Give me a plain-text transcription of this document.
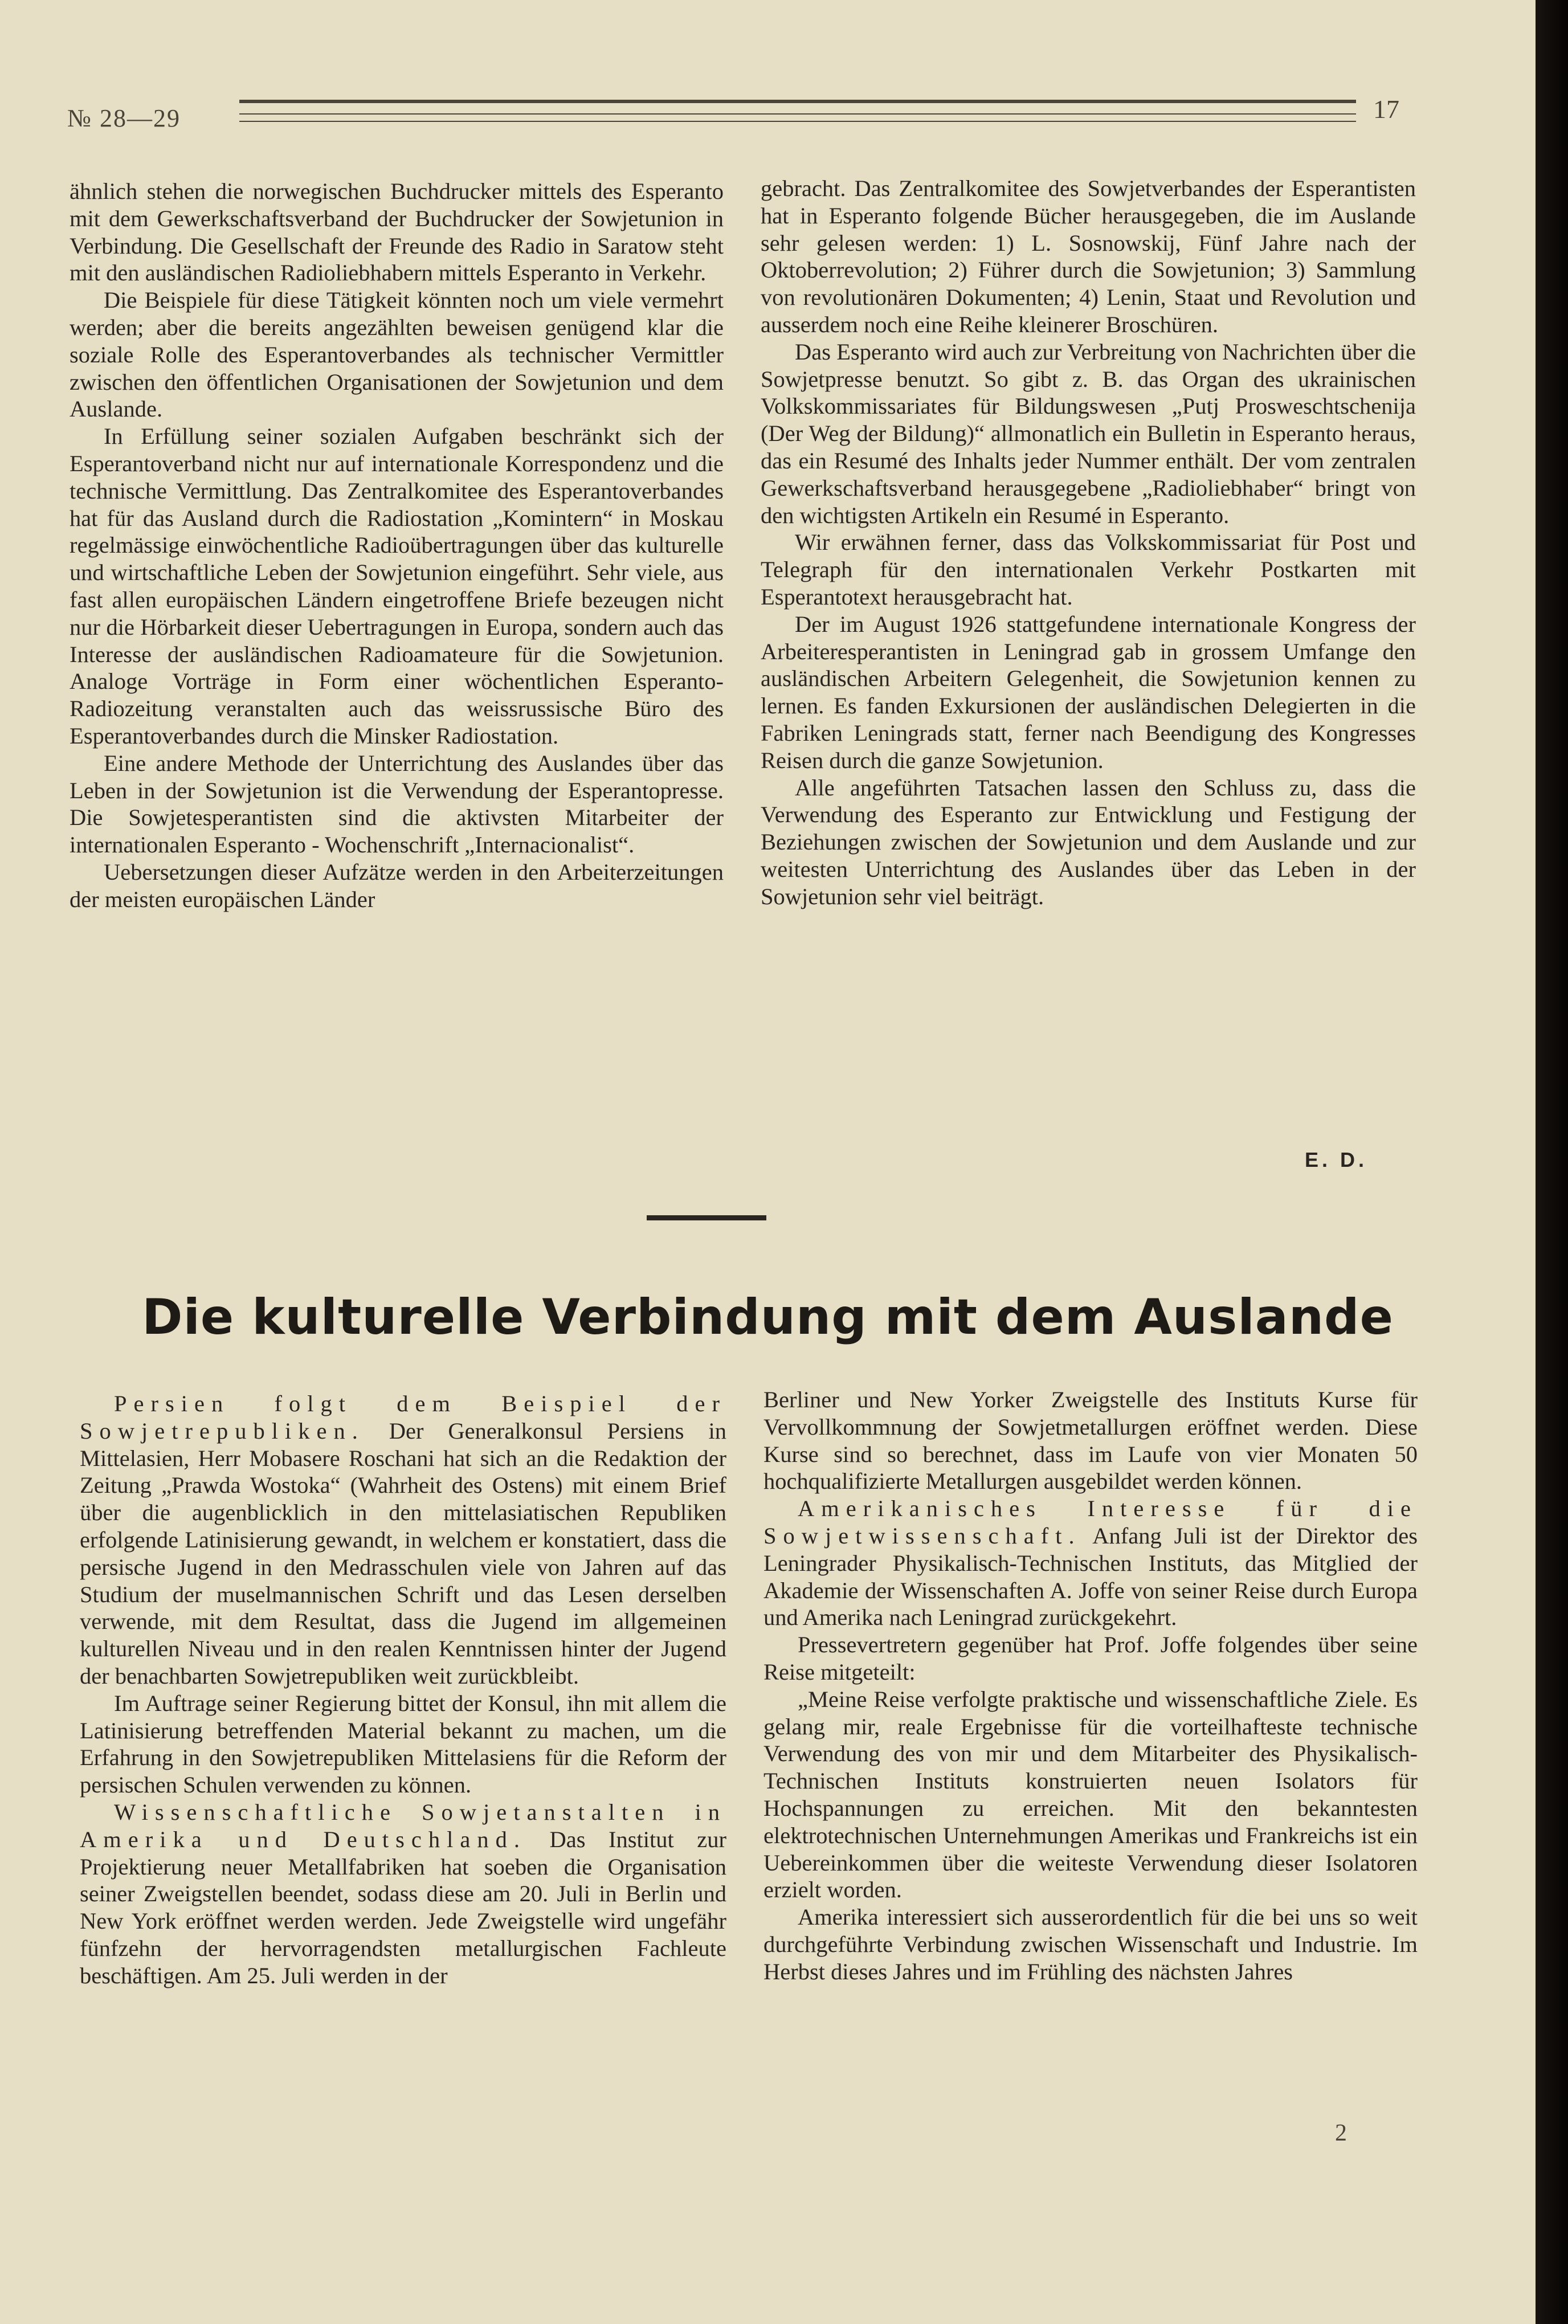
№ 28—29	17

ähnlich stehen die norwegischen Buchdrucker mittels des Esperanto mit dem Gewerkschaftsverband der Buchdrucker der Sowjetunion in Verbindung. Die Gesellschaft der Freunde des Radio in Saratow steht mit den ausländischen Radioliebhabern mittels Esperanto in Verkehr.

Die Beispiele für diese Tätigkeit könnten noch um viele vermehrt werden; aber die bereits angezählten beweisen genügend klar die soziale Rolle des Esperantoverbandes als technischer Vermittler zwischen den öffentlichen Organisationen der Sowjetunion und dem Auslande.

In Erfüllung seiner sozialen Aufgaben beschränkt sich der Esperantoverband nicht nur auf internationale Korrespondenz und die technische Vermittlung. Das Zentralkomitee des Esperantoverbandes hat für das Ausland durch die Radiostation „Komintern“ in Moskau regelmässige einwöchentliche Radioübertragungen über das kulturelle und wirtschaftliche Leben der Sowjetunion eingeführt. Sehr viele, aus fast allen europäischen Ländern eingetroffene Briefe bezeugen nicht nur die Hörbarkeit dieser Uebertragungen in Europa, sondern auch das Interesse der ausländischen Radioamateure für die Sowjetunion. Analoge Vorträge in Form einer wöchentlichen Esperanto-Radiozeitung veranstalten auch das weissrussische Büro des Esperantoverbandes durch die Minsker Radiostation.

Eine andere Methode der Unterrichtung des Auslandes über das Leben in der Sowjetunion ist die Verwendung der Esperantopresse. Die Sowjetesperantisten sind die aktivsten Mitarbeiter der internationalen Esperanto - Wochenschrift „Internacionalist“.

Uebersetzungen dieser Aufzätze werden in den Arbeiterzeitungen der meisten europäischen Länder

gebracht. Das Zentralkomitee des Sowjetverbandes der Esperantisten hat in Esperanto folgende Bücher herausgegeben, die im Auslande sehr gelesen werden: 1) L. Sosnowskij, Fünf Jahre nach der Oktoberrevolution; 2) Führer durch die Sowjetunion; 3) Sammlung von revolutionären Dokumenten; 4) Lenin, Staat und Revolution und ausserdem noch eine Reihe kleinerer Broschüren.

Das Esperanto wird auch zur Verbreitung von Nachrichten über die Sowjetpresse benutzt. So gibt z. B. das Organ des ukrainischen Volkskommissariates für Bildungswesen „Putj Prosweschtschenija (Der Weg der Bildung)“ allmonatlich ein Bulletin in Esperanto heraus, das ein Resumé des Inhalts jeder Nummer enthält. Der vom zentralen Gewerkschaftsverband herausgegebene „Radioliebhaber“ bringt von den wichtigsten Artikeln ein Resumé in Esperanto.

Wir erwähnen ferner, dass das Volkskommissariat für Post und Telegraph für den internationalen Verkehr Postkarten mit Esperantotext herausgebracht hat.

Der im August 1926 stattgefundene internationale Kongress der Arbeiteresperantisten in Leningrad gab in grossem Umfange den ausländischen Arbeitern Gelegenheit, die Sowjetunion kennen zu lernen. Es fanden Exkursionen der ausländischen Delegierten in die Fabriken Leningrads statt, ferner nach Beendigung des Kongresses Reisen durch die ganze Sowjetunion.

Alle angeführten Tatsachen lassen den Schluss zu, dass die Verwendung des Esperanto zur Entwicklung und Festigung der Beziehungen zwischen der Sowjetunion und dem Auslande und zur weitesten Unterrichtung des Auslandes über das Leben in der Sowjetunion sehr viel beiträgt.

E. D.
Die kulturelle Verbindung mit dem Auslande

Persien folgt dem Beispiel der Sowjetrepubliken. Der Generalkonsul Persiens in Mittelasien, Herr Mobasere Roschani hat sich an die Redaktion der Zeitung „Prawda Wostoka“ (Wahrheit des Ostens) mit einem Brief über die augenblicklich in den mittelasiatischen Republiken erfolgende Latinisierung gewandt, in welchem er konstatiert, dass die persische Jugend in den Medrasschulen viele von Jahren auf das Studium der muselmannischen Schrift und das Lesen derselben verwende, mit dem Resultat, dass die Jugend im allgemeinen kulturellen Niveau und in den realen Kenntnissen hinter der Jugend der benachbarten Sowjetrepubliken weit zurückbleibt.

Im Auftrage seiner Regierung bittet der Konsul, ihn mit allem die Latinisierung betreffenden Material bekannt zu machen, um die Erfahrung in den Sowjetrepubliken Mittelasiens für die Reform der persischen Schulen verwenden zu können.

Wissenschaftliche Sowjetanstalten in Amerika und Deutschland. Das Institut zur Projektierung neuer Metallfabriken hat soeben die Organisation seiner Zweigstellen beendet, sodass diese am 20. Juli in Berlin und New York eröffnet werden werden. Jede Zweigstelle wird ungefähr fünfzehn der hervorragendsten metallurgischen Fachleute beschäftigen. Am 25. Juli werden in der

Berliner und New Yorker Zweigstelle des Instituts Kurse für Vervollkommnung der Sowjetmetallurgen eröffnet werden. Diese Kurse sind so berechnet, dass im Laufe von vier Monaten 50 hochqualifizierte Metallurgen ausgebildet werden können.

Amerikanisches Interesse für die Sowjetwissenschaft. Anfang Juli ist der Direktor des Leningrader Physikalisch-Technischen Instituts, das Mitglied der Akademie der Wissenschaften A. Joffe von seiner Reise durch Europa und Amerika nach Leningrad zurückgekehrt.

Pressevertretern gegenüber hat Prof. Joffe folgendes über seine Reise mitgeteilt:

„Meine Reise verfolgte praktische und wissenschaftliche Ziele. Es gelang mir, reale Ergebnisse für die vorteilhafteste technische Verwendung des von mir und dem Mitarbeiter des Physikalisch-Technischen Instituts konstruierten neuen Isolators für Hochspannungen zu erreichen. Mit den bekanntesten elektrotechnischen Unternehmungen Amerikas und Frankreichs ist ein Uebereinkommen über die weiteste Verwendung dieser Isolatoren erzielt worden.

Amerika interessiert sich ausserordentlich für die bei uns so weit durchgeführte Verbindung zwischen Wissenschaft und Industrie. Im Herbst dieses Jahres und im Frühling des nächsten Jahres

2
